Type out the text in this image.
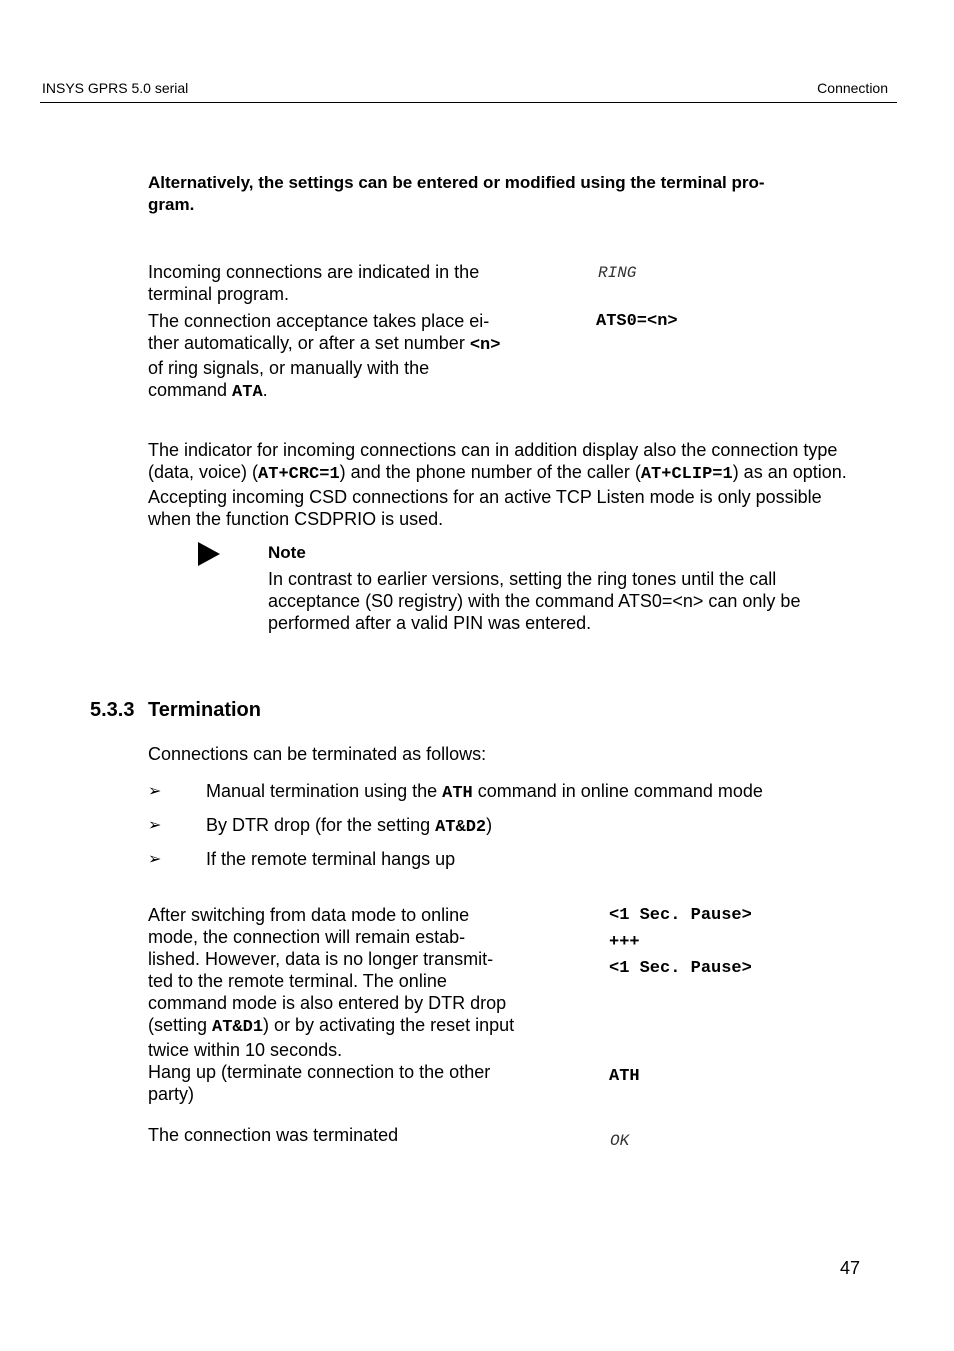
INSYS GPRS 5.0 serial	Connection
Alternatively, the settings can be entered or modified using the terminal pro-
gram.
Incoming connections are indicated in the terminal program.
RING
The connection acceptance takes place ei- ther automatically, or after a set number <n> of ring signals, or manually with the command ATA.
ATS0=<n>
The indicator for incoming connections can in addition display also the connection type (data, voice) (AT+CRC=1) and the phone number of the caller (AT+CLIP=1) as an option. Accepting incoming CSD connections for an active TCP Listen mode is only possible when the function CSDPRIO is used.
Note
In contrast to earlier versions, setting the ring tones until the call acceptance (S0 registry) with the command ATS0=<n> can only be performed after a valid PIN was entered.
5.3.3 Termination
Connections can be terminated as follows:
➢ Manual termination using the ATH command in online command mode
➢ By DTR drop (for the setting AT&D2)
➢ If the remote terminal hangs up
After switching from data mode to online mode, the connection will remain estab- lished. However, data is no longer transmit- ted to the remote terminal. The online command mode is also entered by DTR drop (setting AT&D1) or by activating the reset input twice within 10 seconds.
<1 Sec. Pause>
+++
<1 Sec. Pause>
Hang up (terminate connection to the other party)
ATH
The connection was terminated	OK
47
